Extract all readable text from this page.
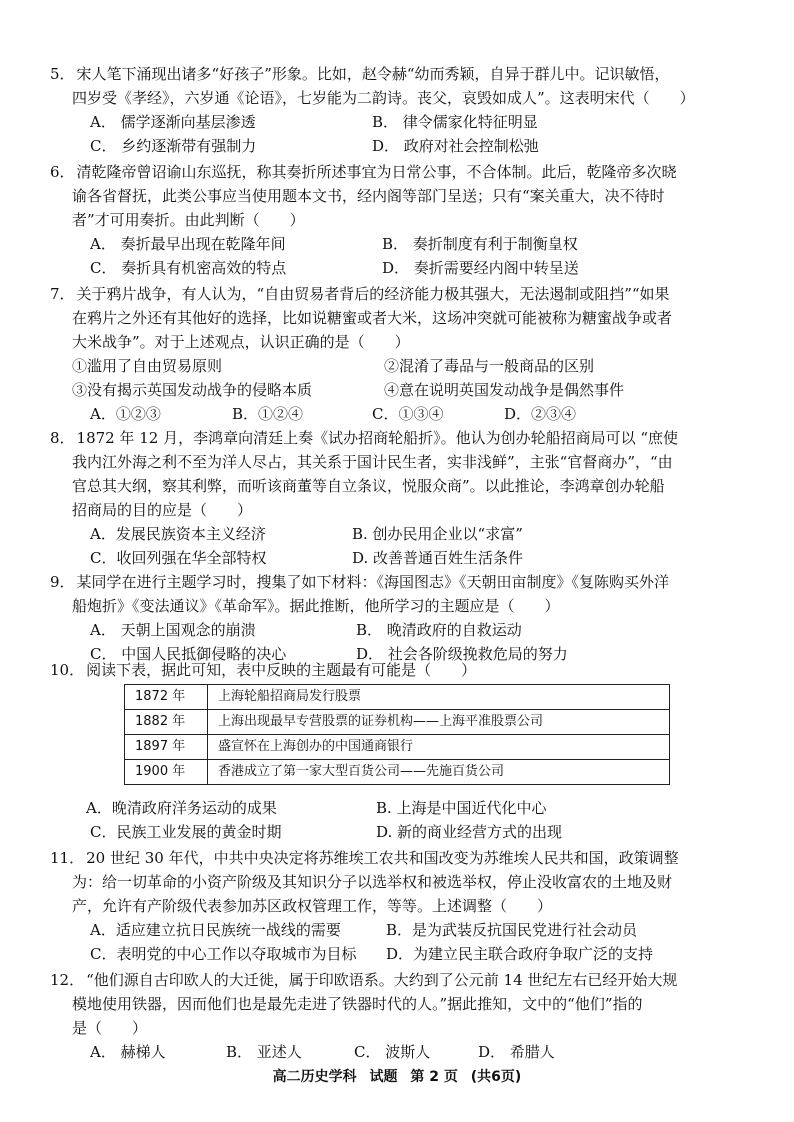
5． 宋人笔下涌现出诸多“好孩子”形象。比如，赵令赫“幼而秀颖，自异于群儿中。记识敏悟，

四岁受《孝经》，六岁通《论语》，七岁能为二韵诗。丧父，哀毁如成人”。这表明宋代（　　）

A． 儒学逐渐向基层渗透	B． 律令儒家化特征明显
C． 乡约逐渐带有强制力	D． 政府对社会控制松弛

6． 清乾隆帝曾诏谕山东巡抚，称其奏折所述事宜为日常公事，不合体制。此后，乾隆帝多次晓

谕各省督抚，此类公事应当使用题本文书，经内阁等部门呈送；只有“案关重大，决不待时

者”才可用奏折。由此判断（　　）

A． 奏折最早出现在乾隆年间	B． 奏折制度有利于制衡皇权
C． 奏折具有机密高效的特点	D． 奏折需要经内阁中转呈送

7． 关于鸦片战争，有人认为，“自由贸易者背后的经济能力极其强大，无法遏制或阻挡”“如果

在鸦片之外还有其他好的选择，比如说糖蜜或者大米，这场冲突就可能被称为糖蜜战争或者

大米战争”。对于上述观点，认识正确的是（　　）

①滥用了自由贸易原则	②混淆了毒品与一般商品的区别
③没有揭示英国发动战争的侵略本质	④意在说明英国发动战争是偶然事件
A．①②③	B．①②④	C．①③④	D．②③④

8． 1872 年 12 月，李鸿章向清廷上奏《试办招商轮船折》。他认为创办轮船招商局可以 “庶使

我内江外海之利不至为洋人尽占，其关系于国计民生者，实非浅鲜”，主张“官督商办”，“由

官总其大纲，察其利弊，而听该商董等自立条议，悦服众商”。以此推论，李鸿章创办轮船

招商局的目的应是（　　）

A．发展民族资本主义经济	B. 创办民用企业以“求富”
C．收回列强在华全部特权	D. 改善普通百姓生活条件

9． 某同学在进行主题学习时，搜集了如下材料：《海国图志》《天朝田亩制度》《复陈购买外洋

船炮折》《变法通议》《革命军》。据此推断，他所学习的主题应是（　　）

A． 天朝上国观念的崩溃	B． 晚清政府的自救运动
C． 中国人民抵御侵略的决心	D． 社会各阶级挽救危局的努力

10． 阅读下表，据此可知，表中反映的主题最有可能是（　　）

1872 年	上海轮船招商局发行股票
1882 年	上海出现最早专营股票的证券机构——上海平准股票公司
1897 年	盛宣怀在上海创办的中国通商银行
1900 年	香港成立了第一家大型百货公司——先施百货公司
A．晚清政府洋务运动的成果	B. 上海是中国近代化中心
C．民族工业发展的黄金时期	D. 新的商业经营方式的出现

11． 20 世纪 30 年代，中共中央决定将苏维埃工农共和国改变为苏维埃人民共和国，政策调整

为：给一切革命的小资产阶级及其知识分子以选举权和被选举权，停止没收富农的土地及财

产，允许有产阶级代表参加苏区政权管理工作，等等。上述调整（　　）

A．适应建立抗日民族统一战线的需要	B．是为武装反抗国民党进行社会动员
C．表明党的中心工作以夺取城市为目标 D．为建立民主联合政府争取广泛的支持

12． “他们源自古印欧人的大迁徙，属于印欧语系。大约到了公元前 14 世纪左右已经开始大规

模地使用铁器，因而他们也是最先走进了铁器时代的人。”据此推知，文中的“他们”指的

是（　　）

A． 赫梯人	B． 亚述人	C． 波斯人	D． 希腊人
高二历史学科 试题 第 2 页 (共6页)
